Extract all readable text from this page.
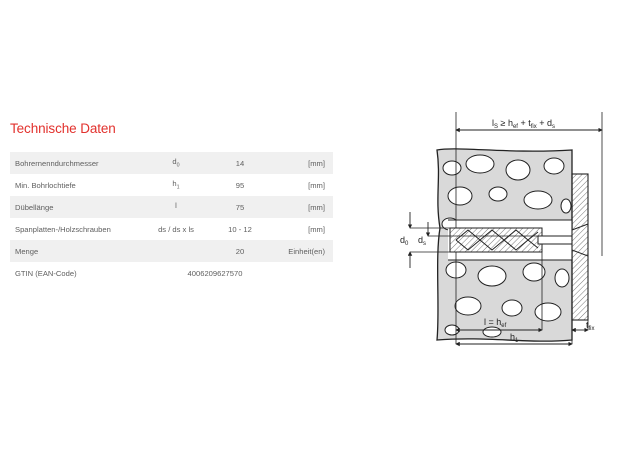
Technische Daten
Bohrernenndurchmesser	$d_0$	14	[mm]
Min. Bohrlochtiefe	$h_1$	95	[mm]
Dübellänge	l	75	[mm]
Spanplatten-/Holzschrauben	ds / ds x ls	10 - 12	[mm]
Menge		20	Einheit(en)
GTIN (EAN-Code)	4006209627570		
$l_S \ge h_{ef} + t_{fix} + d_s$
$l = h_{ef}$
$h_1$
$t_{fix}$
$d_0$ $d_s$
